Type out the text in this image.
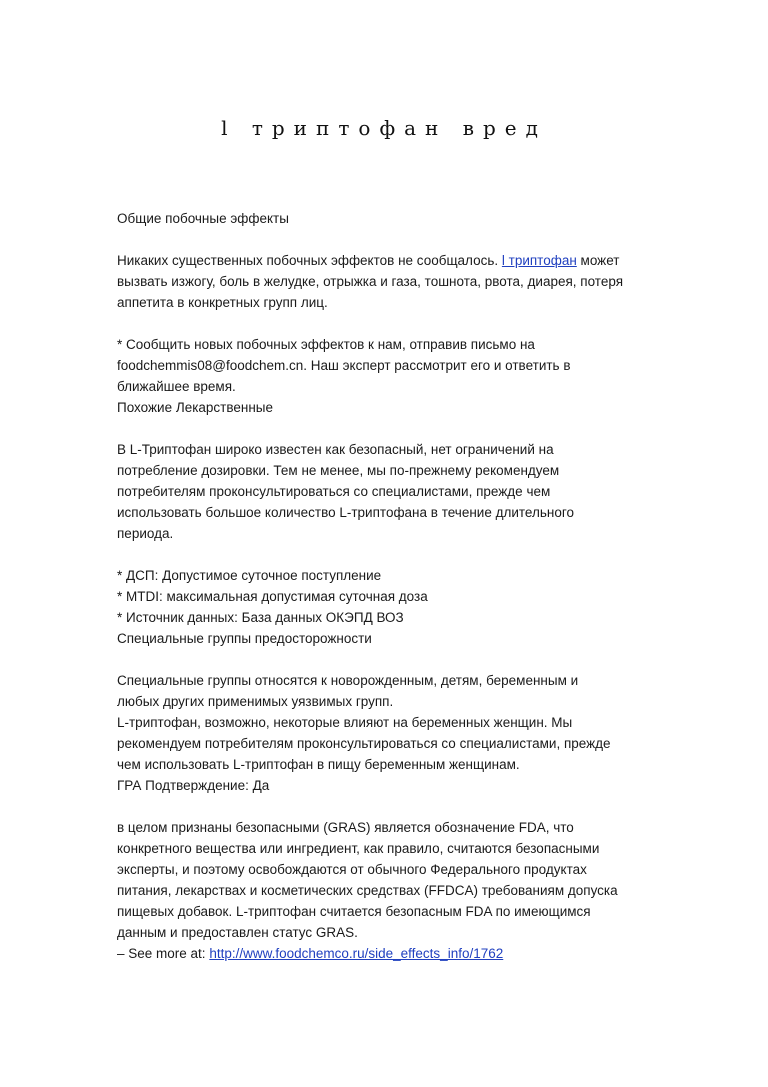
l триптофан вред

Общие побочные эффекты

Никаких существенных побочных эффектов не сообщалось. l триптофан может

вызвать изжогу, боль в желудке, отрыжка и газа, тошнота, рвота, диарея, потеря

аппетита в конкретных групп лиц.

* Сообщить новых побочных эффектов к нам, отправив письмо на

foodchemmis08@foodchem.cn. Наш эксперт рассмотрит его и ответить в

ближайшее время.

Похожие Лекарственные

В L-Триптофан широко известен как безопасный, нет ограничений на

потребление дозировки. Тем не менее, мы по-прежнему рекомендуем

потребителям проконсультироваться со специалистами, прежде чем

использовать большое количество L-триптофана в течение длительного

периода.

* ДСП: Допустимое суточное поступление

* MTDI: максимальная допустимая суточная доза

* Источник данных: База данных ОКЭПД ВОЗ

Специальные группы предосторожности

Специальные группы относятся к новорожденным, детям, беременным и

любых других применимых уязвимых групп.

L-триптофан, возможно, некоторые влияют на беременных женщин. Мы

рекомендуем потребителям проконсультироваться со специалистами, прежде

чем использовать L-триптофан в пищу беременным женщинам.

ГРА Подтверждение: Да

в целом признаны безопасными (GRAS) является обозначение FDA, что

конкретного вещества или ингредиент, как правило, считаются безопасными

эксперты, и поэтому освобождаются от обычного Федерального продуктах

питания, лекарствах и косметических средствах (FFDCA) требованиям допуска

пищевых добавок. L-триптофан считается безопасным FDA по имеющимся

данным и предоставлен статус GRAS.

– See more at: http://www.foodchemco.ru/side_effects_info/1762
